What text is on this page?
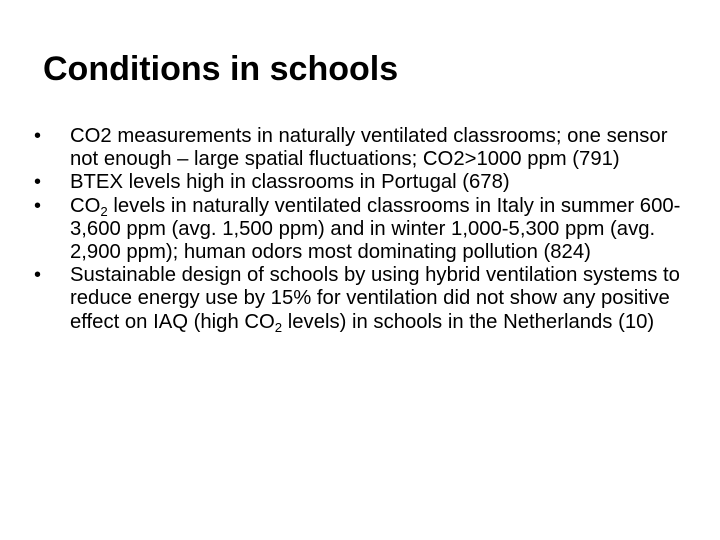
Conditions in schools
•	CO2 measurements in naturally ventilated classrooms; one sensor not enough – large spatial fluctuations; CO2>1000 ppm (791)
•	BTEX levels high in classrooms in Portugal (678)
•	$CO_2$ levels in naturally ventilated classrooms in Italy in summer 600-3,600 ppm (avg. 1,500 ppm) and in winter 1,000-5,300 ppm (avg. 2,900 ppm); human odors most dominating pollution (824)
•	Sustainable design of schools by using hybrid ventilation systems to reduce energy use by 15% for ventilation did not show any positive effect on IAQ (high $CO_2$ levels) in schools in the Netherlands (10)
